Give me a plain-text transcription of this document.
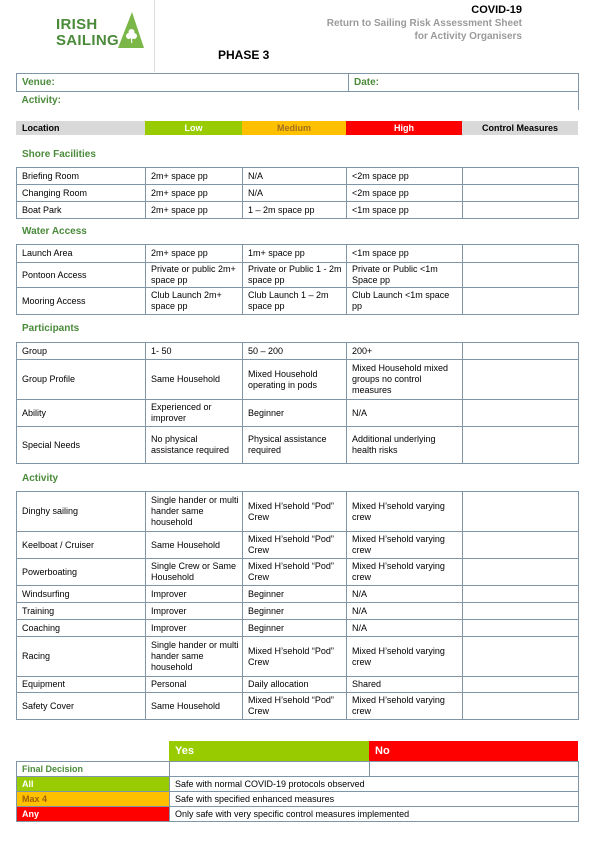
IRISH
SAILING
COVID-19
Return to Sailing Risk Assessment Sheet
for Activity Organisers
PHASE 3
Venue:	Date:
Activity:
Location	Low	Medium	High	Control Measures
Shore Facilities
Water Access
Participants
Activity
Briefing Room	2m+ space pp	N/A	<2m space pp	
Changing Room	2m+ space pp	N/A	<2m space pp	
Boat Park	2m+ space pp	1 – 2m space pp	<1m space pp	
Launch Area	2m+ space pp	1m+ space pp	<1m space pp	
Pontoon Access	Private or public 2m+ space pp	Private or Public 1 - 2m space pp	Private or Public <1m Space pp	
Mooring Access	Club Launch 2m+ space pp	Club Launch 1 – 2m space pp	Club Launch <1m space pp	
Group	1- 50	50 – 200	200+	
Group Profile	Same Household	Mixed Household operating in pods	Mixed Household mixed groups no control measures	
Ability	Experienced or improver	Beginner	N/A	
Special Needs	No physical assistance required	Physical assistance required	Additional underlying health risks	
Dinghy sailing	Single hander or multi hander same household	Mixed H’sehold “Pod” Crew	Mixed H’sehold varying crew	
Keelboat / Cruiser	Same Household	Mixed H’sehold “Pod” Crew	Mixed H’sehold varying crew	
Powerboating	Single Crew or Same Household	Mixed H’sehold “Pod” Crew	Mixed H’sehold varying crew	
Windsurfing	Improver	Beginner	N/A	
Training	Improver	Beginner	N/A	
Coaching	Improver	Beginner	N/A	
Racing	Single hander or multi hander same household	Mixed H’sehold “Pod” Crew	Mixed H’sehold varying crew	
Equipment	Personal	Daily allocation	Shared	
Safety Cover	Same Household	Mixed H’sehold “Pod” Crew	Mixed H’sehold varying crew	
Yes	No
Final Decision		
All	Safe with normal COVID-19 protocols observed	
Max 4	Safe with specified enhanced measures	
Any	Only safe with very specific control measures implemented	
